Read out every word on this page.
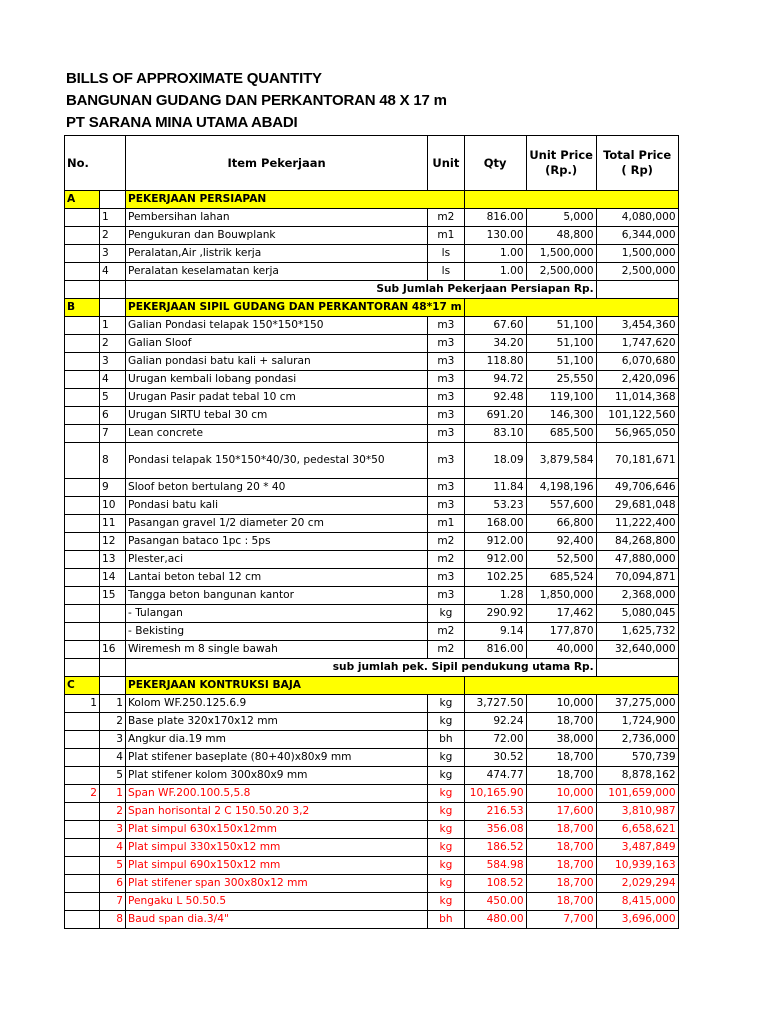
BILLS OF APPROXIMATE QUANTITY
BANGUNAN GUDANG DAN PERKANTORAN 48 X 17 m
PT SARANA MINA UTAMA ABADI
No.		Item Pekerjaan	Unit	Qty	Unit Price (Rp.)	Total Price ( Rp)
A		PEKERJAAN PERSIAPAN				
	1	Pembersihan lahan	m2	816.00	5,000	4,080,000
	2	Pengukuran dan Bouwplank	m1	130.00	48,800	6,344,000
	3	Peralatan,Air ,listrik kerja	ls	1.00	1,500,000	1,500,000
	4	Peralatan keselamatan kerja	ls	1.00	2,500,000	2,500,000
		Sub Jumlah Pekerjaan Persiapan Rp.				
B		PEKERJAAN SIPIL GUDANG DAN PERKANTORAN 48*17 m				
	1	Galian Pondasi telapak 150*150*150	m3	67.60	51,100	3,454,360
	2	Galian Sloof	m3	34.20	51,100	1,747,620
	3	Galian pondasi batu kali + saluran	m3	118.80	51,100	6,070,680
	4	Urugan kembali lobang pondasi	m3	94.72	25,550	2,420,096
	5	Urugan Pasir padat tebal 10 cm	m3	92.48	119,100	11,014,368
	6	Urugan SIRTU tebal 30 cm	m3	691.20	146,300	101,122,560
	7	Lean concrete	m3	83.10	685,500	56,965,050
	8	Pondasi telapak 150*150*40/30, pedestal 30*50	m3	18.09	3,879,584	70,181,671
	9	Sloof beton bertulang 20 * 40	m3	11.84	4,198,196	49,706,646
	10	Pondasi batu kali	m3	53.23	557,600	29,681,048
	11	Pasangan gravel 1/2 diameter 20 cm	m1	168.00	66,800	11,222,400
	12	Pasangan bataco 1pc : 5ps	m2	912.00	92,400	84,268,800
	13	Plester,aci	m2	912.00	52,500	47,880,000
	14	Lantai beton tebal 12 cm	m3	102.25	685,524	70,094,871
	15	Tangga beton bangunan kantor	m3	1.28	1,850,000	2,368,000
		- Tulangan	kg	290.92	17,462	5,080,045
		- Bekisting	m2	9.14	177,870	1,625,732
	16	Wiremesh m 8 single bawah	m2	816.00	40,000	32,640,000
		sub jumlah pek. Sipil pendukung utama Rp.				
C		PEKERJAAN KONTRUKSI BAJA				
1	1	Kolom WF.250.125.6.9	kg	3,727.50	10,000	37,275,000
	2	Base plate 320x170x12 mm	kg	92.24	18,700	1,724,900
	3	Angkur dia.19 mm	bh	72.00	38,000	2,736,000
	4	Plat stifener baseplate (80+40)x80x9 mm	kg	30.52	18,700	570,739
	5	Plat stifener kolom 300x80x9 mm	kg	474.77	18,700	8,878,162
2	1	Span WF.200.100.5,5.8	kg	10,165.90	10,000	101,659,000
	2	Span horisontal 2 C 150.50.20 3,2	kg	216.53	17,600	3,810,987
	3	Plat simpul 630x150x12mm	kg	356.08	18,700	6,658,621
	4	Plat simpul 330x150x12 mm	kg	186.52	18,700	3,487,849
	5	Plat simpul 690x150x12 mm	kg	584.98	18,700	10,939,163
	6	Plat stifener span 300x80x12 mm	kg	108.52	18,700	2,029,294
	7	Pengaku L 50.50.5	kg	450.00	18,700	8,415,000
	8	Baud span dia.3/4"	bh	480.00	7,700	3,696,000
